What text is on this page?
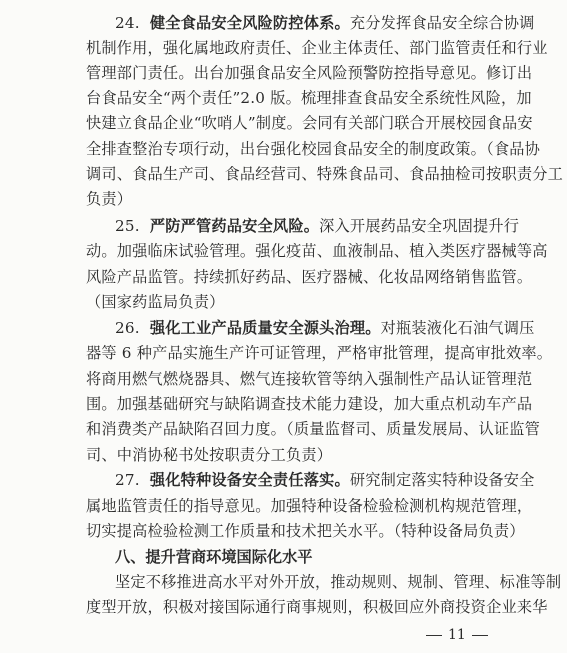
24. 健全食品安全风险防控体系。充分发挥食品安全综合协调
机制作用，强化属地政府责任、企业主体责任、部门监管责任和行业
管理部门责任。出台加强食品安全风险预警防控指导意见。修订出
台食品安全“两个责任”2.0 版。梳理排查食品安全系统性风险，加
快建立食品企业“吹哨人”制度。会同有关部门联合开展校园食品安
全排查整治专项行动，出台强化校园食品安全的制度政策。（食品协
调司、食品生产司、食品经营司、特殊食品司、食品抽检司按职责分工
负责）
25. 严防严管药品安全风险。深入开展药品安全巩固提升行
动。加强临床试验管理。强化疫苗、血液制品、植入类医疗器械等高
风险产品监管。持续抓好药品、医疗器械、化妆品网络销售监管。
（国家药监局负责）
26. 强化工业产品质量安全源头治理。对瓶装液化石油气调压
器等 6 种产品实施生产许可证管理，严格审批管理，提高审批效率。
将商用燃气燃烧器具、燃气连接软管等纳入强制性产品认证管理范
围。加强基础研究与缺陷调查技术能力建设，加大重点机动车产品
和消费类产品缺陷召回力度。（质量监督司、质量发展局、认证监管
司、中消协秘书处按职责分工负责）
27. 强化特种设备安全责任落实。研究制定落实特种设备安全
属地监管责任的指导意见。加强特种设备检验检测机构规范管理，
切实提高检验检测工作质量和技术把关水平。（特种设备局负责）
八、提升营商环境国际化水平
坚定不移推进高水平对外开放，推动规则、规制、管理、标准等制
度型开放，积极对接国际通行商事规则，积极回应外商投资企业来华
11
